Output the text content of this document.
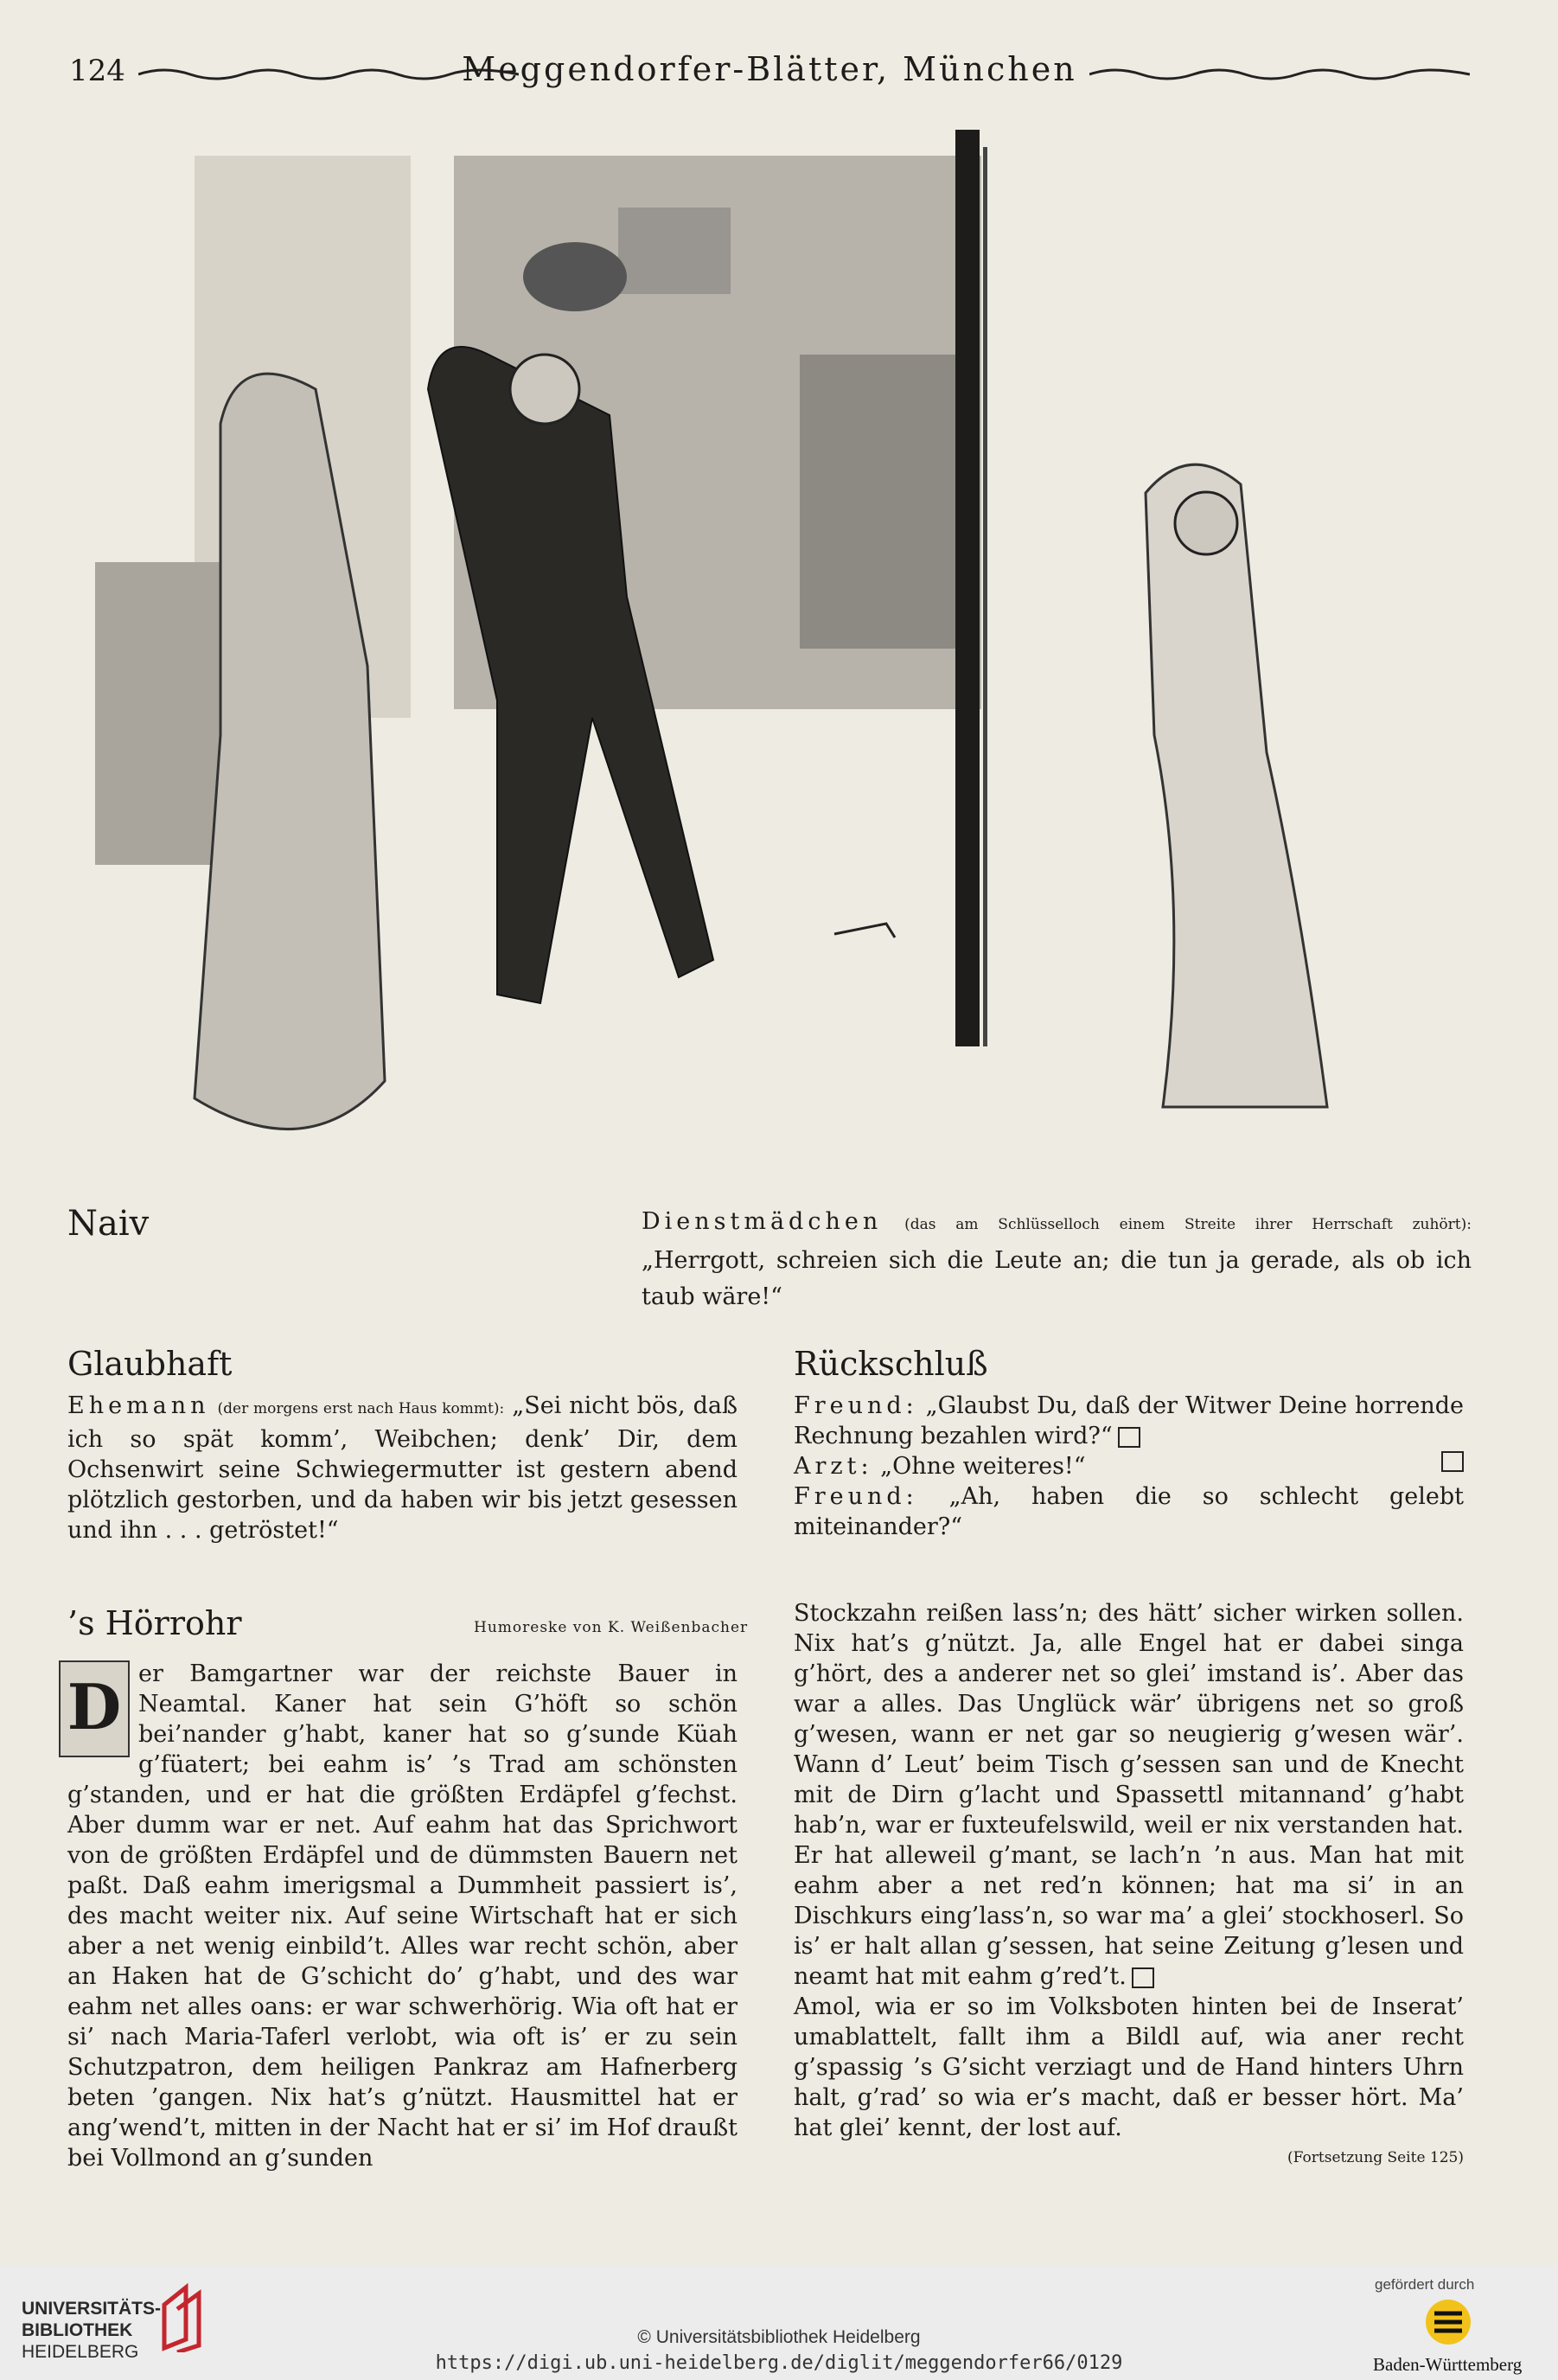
124	Meggendorfer-Blätter, München
Naiv	Dienstmädchen (das am Schlüsselloch einem Streite ihrer Herrschaft zuhört): „Herrgott, schreien sich die Leute an; die tun ja gerade, als ob ich taub wäre!“
Glaubhaft
Ehemann (der morgens erst nach Haus kommt): „Sei nicht bös, daß ich so spät komm’, Weibchen; denk’ Dir, dem Ochsenwirt seine Schwiegermutter ist gestern abend plötzlich gestorben, und da haben wir bis jetzt gesessen und ihn . . . getröstet!“
Rückschluß
Freund: „Glaubst Du, daß der Witwer Deine horrende Rechnung bezahlen wird?“
Arzt: „Ohne weiteres!“
Freund: „Ah, haben die so schlecht gelebt miteinander?“
’s Hörrohr	Humoreske von K. Weißenbacher
D er Bamgartner war der reichste Bauer in Neamtal. Kaner hat sein G’höft so schön bei’nander g’habt, kaner hat so g’sunde Küah g’füatert; bei eahm is’ ’s Trad am schönsten g’standen, und er hat die größten Erdäpfel g’fechst. Aber dumm war er net. Auf eahm hat das Sprichwort von de größten Erdäpfel und de dümmsten Bauern net paßt. Daß eahm imerigsmal a Dummheit passiert is’, des macht weiter nix. Auf seine Wirtschaft hat er sich aber a net wenig einbild’t. Alles war recht schön, aber an Haken hat de G’schicht do’ g’habt, und des war eahm net alles oans: er war schwerhörig. Wia oft hat er si’ nach Maria-Taferl verlobt, wia oft is’ er zu sein Schutzpatron, dem heiligen Pankraz am Hafnerberg beten ’gangen. Nix hat’s g’nützt. Hausmittel hat er ang’wend’t, mitten in der Nacht hat er si’ im Hof draußt bei Vollmond an g’sunden
Stockzahn reißen lass’n; des hätt’ sicher wirken sollen. Nix hat’s g’nützt. Ja, alle Engel hat er dabei singa g’hört, des a anderer net so glei’ imstand is’. Aber das war a alles. Das Unglück wär’ übrigens net so groß g’wesen, wann er net gar so neugierig g’wesen wär’. Wann d’ Leut’ beim Tisch g’sessen san und de Knecht mit de Dirn g’lacht und Spassettl mitannand’ g’habt hab’n, war er fuxteufelswild, weil er nix verstanden hat. Er hat alleweil g’mant, se lach’n ’n aus. Man hat mit eahm aber a net red’n können; hat ma si’ in an Dischkurs eing’lass’n, so war ma’ a glei’ stockhoserl. So is’ er halt allan g’sessen, hat seine Zeitung g’lesen und neamt hat mit eahm g’red’t.
Amol, wia er so im Volksboten hinten bei de Inserat’ umablattelt, fallt ihm a Bildl auf, wia aner recht g’spassig ’s G’sicht verziagt und de Hand hinters Uhrn halt, g’rad’ so wia er’s macht, daß er besser hört. Ma’ hat glei’ kennt, der lost auf.
(Fortsetzung Seite 125)
UNIVERSITÄTS-
BIBLIOTHEK
HEIDELBERG
© Universitätsbibliothek Heidelberg
https://digi.ub.uni-heidelberg.de/diglit/meggendorfer66/0129
gefördert durch
Baden-Württemberg
